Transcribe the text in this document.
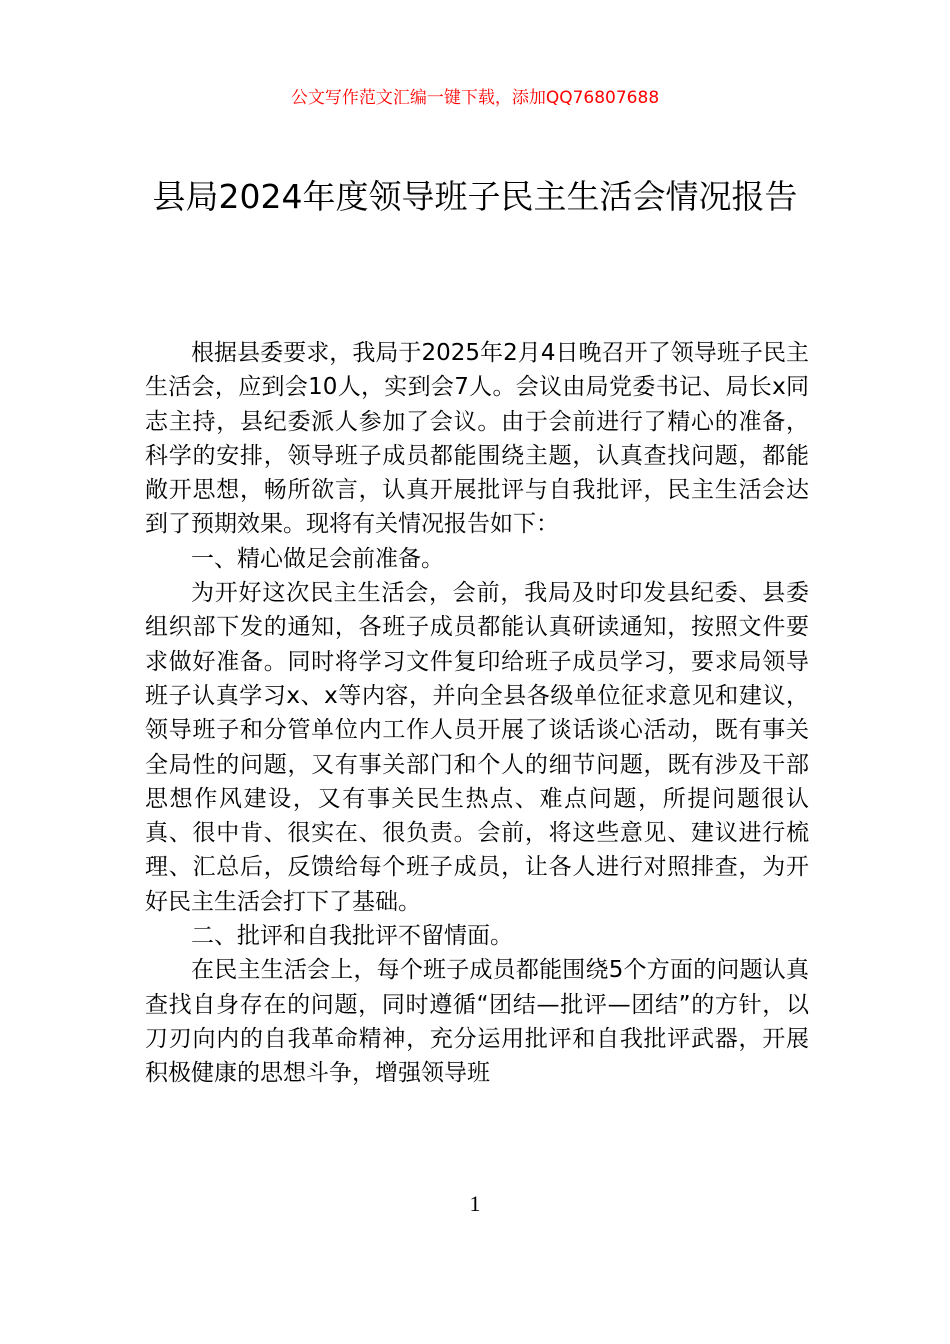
公文写作范文汇编一键下载，添加QQ76807688
县局2024年度领导班子民主生活会情况报告

根据县委要求，我局于2025年2月4日晚召开了领导班子民主生活会，应到会10人，实到会7人。会议由局党委书记、局长x同志主持，县纪委派人参加了会议。由于会前进行了精心的准备，科学的安排，领导班子成员都能围绕主题，认真查找问题，都能敞开思想，畅所欲言，认真开展批评与自我批评，民主生活会达到了预期效果。现将有关情况报告如下：

一、精心做足会前准备。

为开好这次民主生活会，会前，我局及时印发县纪委、县委组织部下发的通知，各班子成员都能认真研读通知，按照文件要求做好准备。同时将学习文件复印给班子成员学习，要求局领导班子认真学习x、x等内容，并向全县各级单位征求意见和建议，领导班子和分管单位内工作人员开展了谈话谈心活动，既有事关全局性的问题，又有事关部门和个人的细节问题，既有涉及干部思想作风建设，又有事关民生热点、难点问题，所提问题很认真、很中肯、很实在、很负责。会前，将这些意见、建议进行梳理、汇总后，反馈给每个班子成员，让各人进行对照排查，为开好民主生活会打下了基础。

二、批评和自我批评不留情面。

在民主生活会上，每个班子成员都能围绕5个方面的问题认真查找自身存在的问题，同时遵循“团结—批评—团结”的方针，以刀刃向内的自我革命精神，充分运用批评和自我批评武器，开展积极健康的思想斗争，增强领导班

1
